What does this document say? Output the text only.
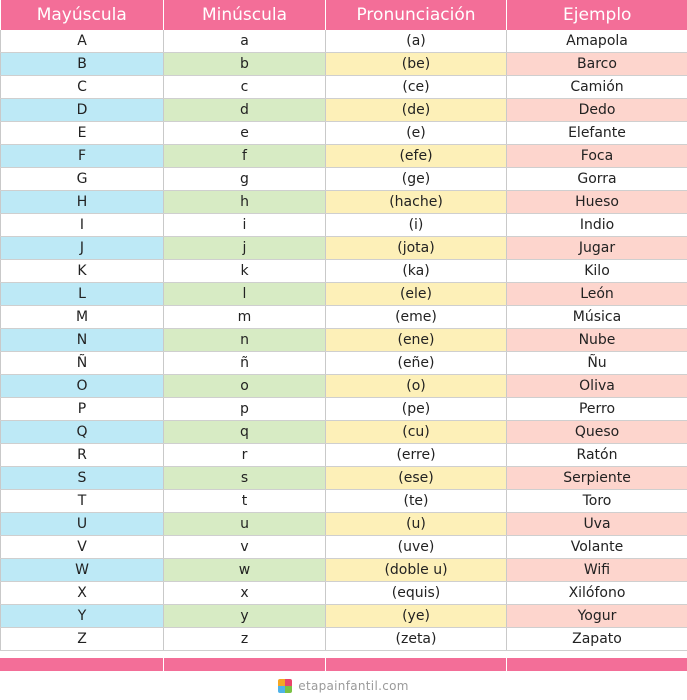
Mayúscula	Minúscula	Pronunciación	Ejemplo
A	a	(a)	Amapola
B	b	(be)	Barco
C	c	(ce)	Camión
D	d	(de)	Dedo
E	e	(e)	Elefante
F	f	(efe)	Foca
G	g	(ge)	Gorra
H	h	(hache)	Hueso
I	i	(i)	Indio
J	j	(jota)	Jugar
K	k	(ka)	Kilo
L	l	(ele)	León
M	m	(eme)	Música
N	n	(ene)	Nube
Ñ	ñ	(eñe)	Ñu
O	o	(o)	Oliva
P	p	(pe)	Perro
Q	q	(cu)	Queso
R	r	(erre)	Ratón
S	s	(ese)	Serpiente
T	t	(te)	Toro
U	u	(u)	Uva
V	v	(uve)	Volante
W	w	(doble u)	Wifi
X	x	(equis)	Xilófono
Y	y	(ye)	Yogur
Z	z	(zeta)	Zapato
etapainfantil.com
